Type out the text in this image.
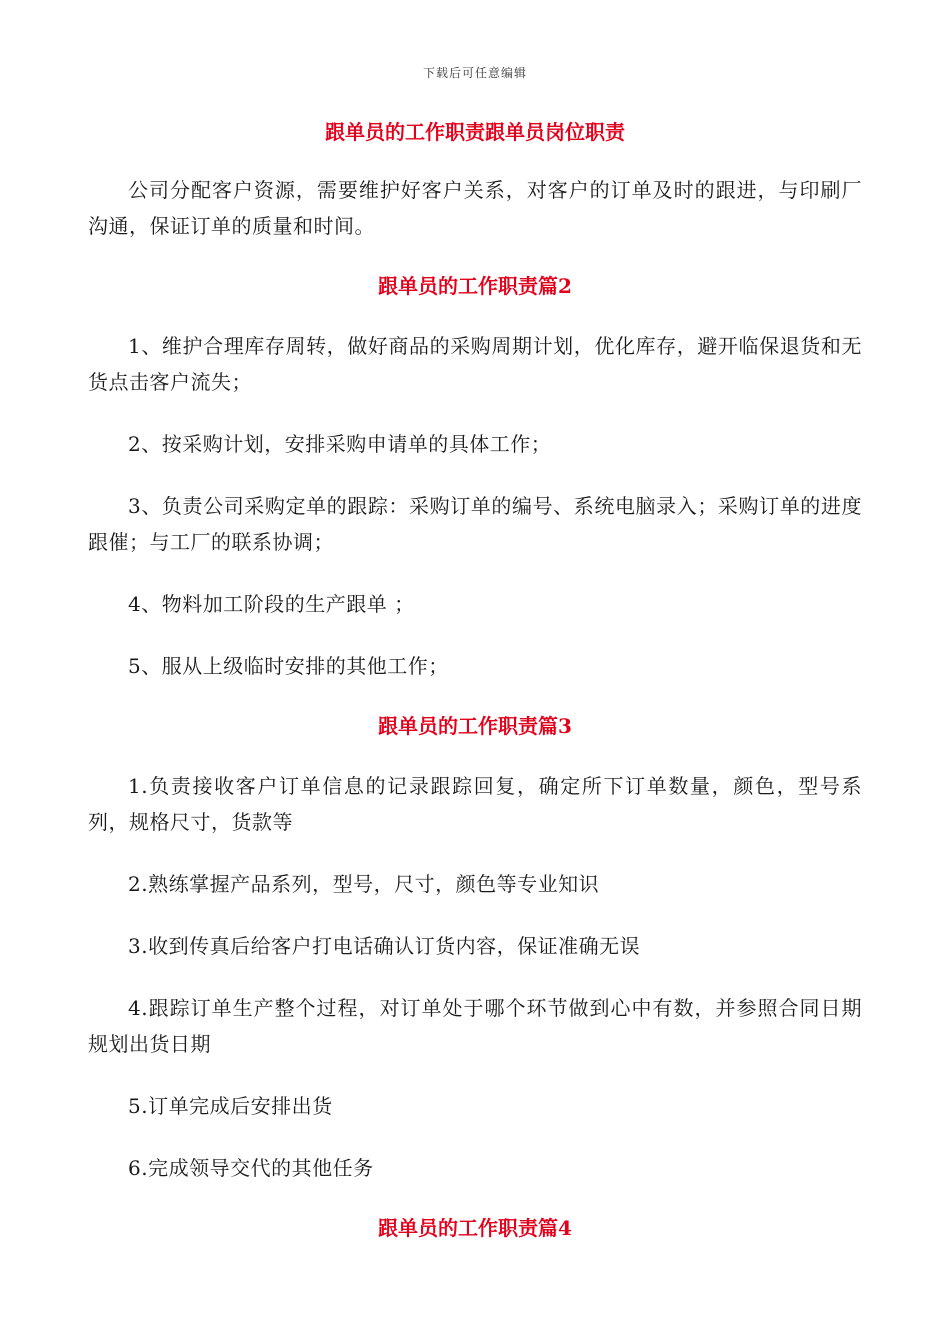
下载后可任意编辑
跟单员的工作职责跟单员岗位职责

公司分配客户资源，需要维护好客户关系，对客户的订单及时的跟进，与印刷厂沟通，保证订单的质量和时间。

跟单员的工作职责篇2

1、维护合理库存周转，做好商品的采购周期计划，优化库存，避开临保退货和无货点击客户流失；

2、按采购计划，安排采购申请单的具体工作；

3、负责公司采购定单的跟踪：采购订单的编号、系统电脑录入；采购订单的进度跟催；与工厂的联系协调；

4、物料加工阶段的生产跟单 ；

5、服从上级临时安排的其他工作；

跟单员的工作职责篇3

1.负责接收客户订单信息的记录跟踪回复，确定所下订单数量，颜色，型号系列，规格尺寸，货款等

2.熟练掌握产品系列，型号，尺寸，颜色等专业知识

3.收到传真后给客户打电话确认订货内容，保证准确无误

4.跟踪订单生产整个过程，对订单处于哪个环节做到心中有数，并参照合同日期规划出货日期

5.订单完成后安排出货

6.完成领导交代的其他任务

跟单员的工作职责篇4
